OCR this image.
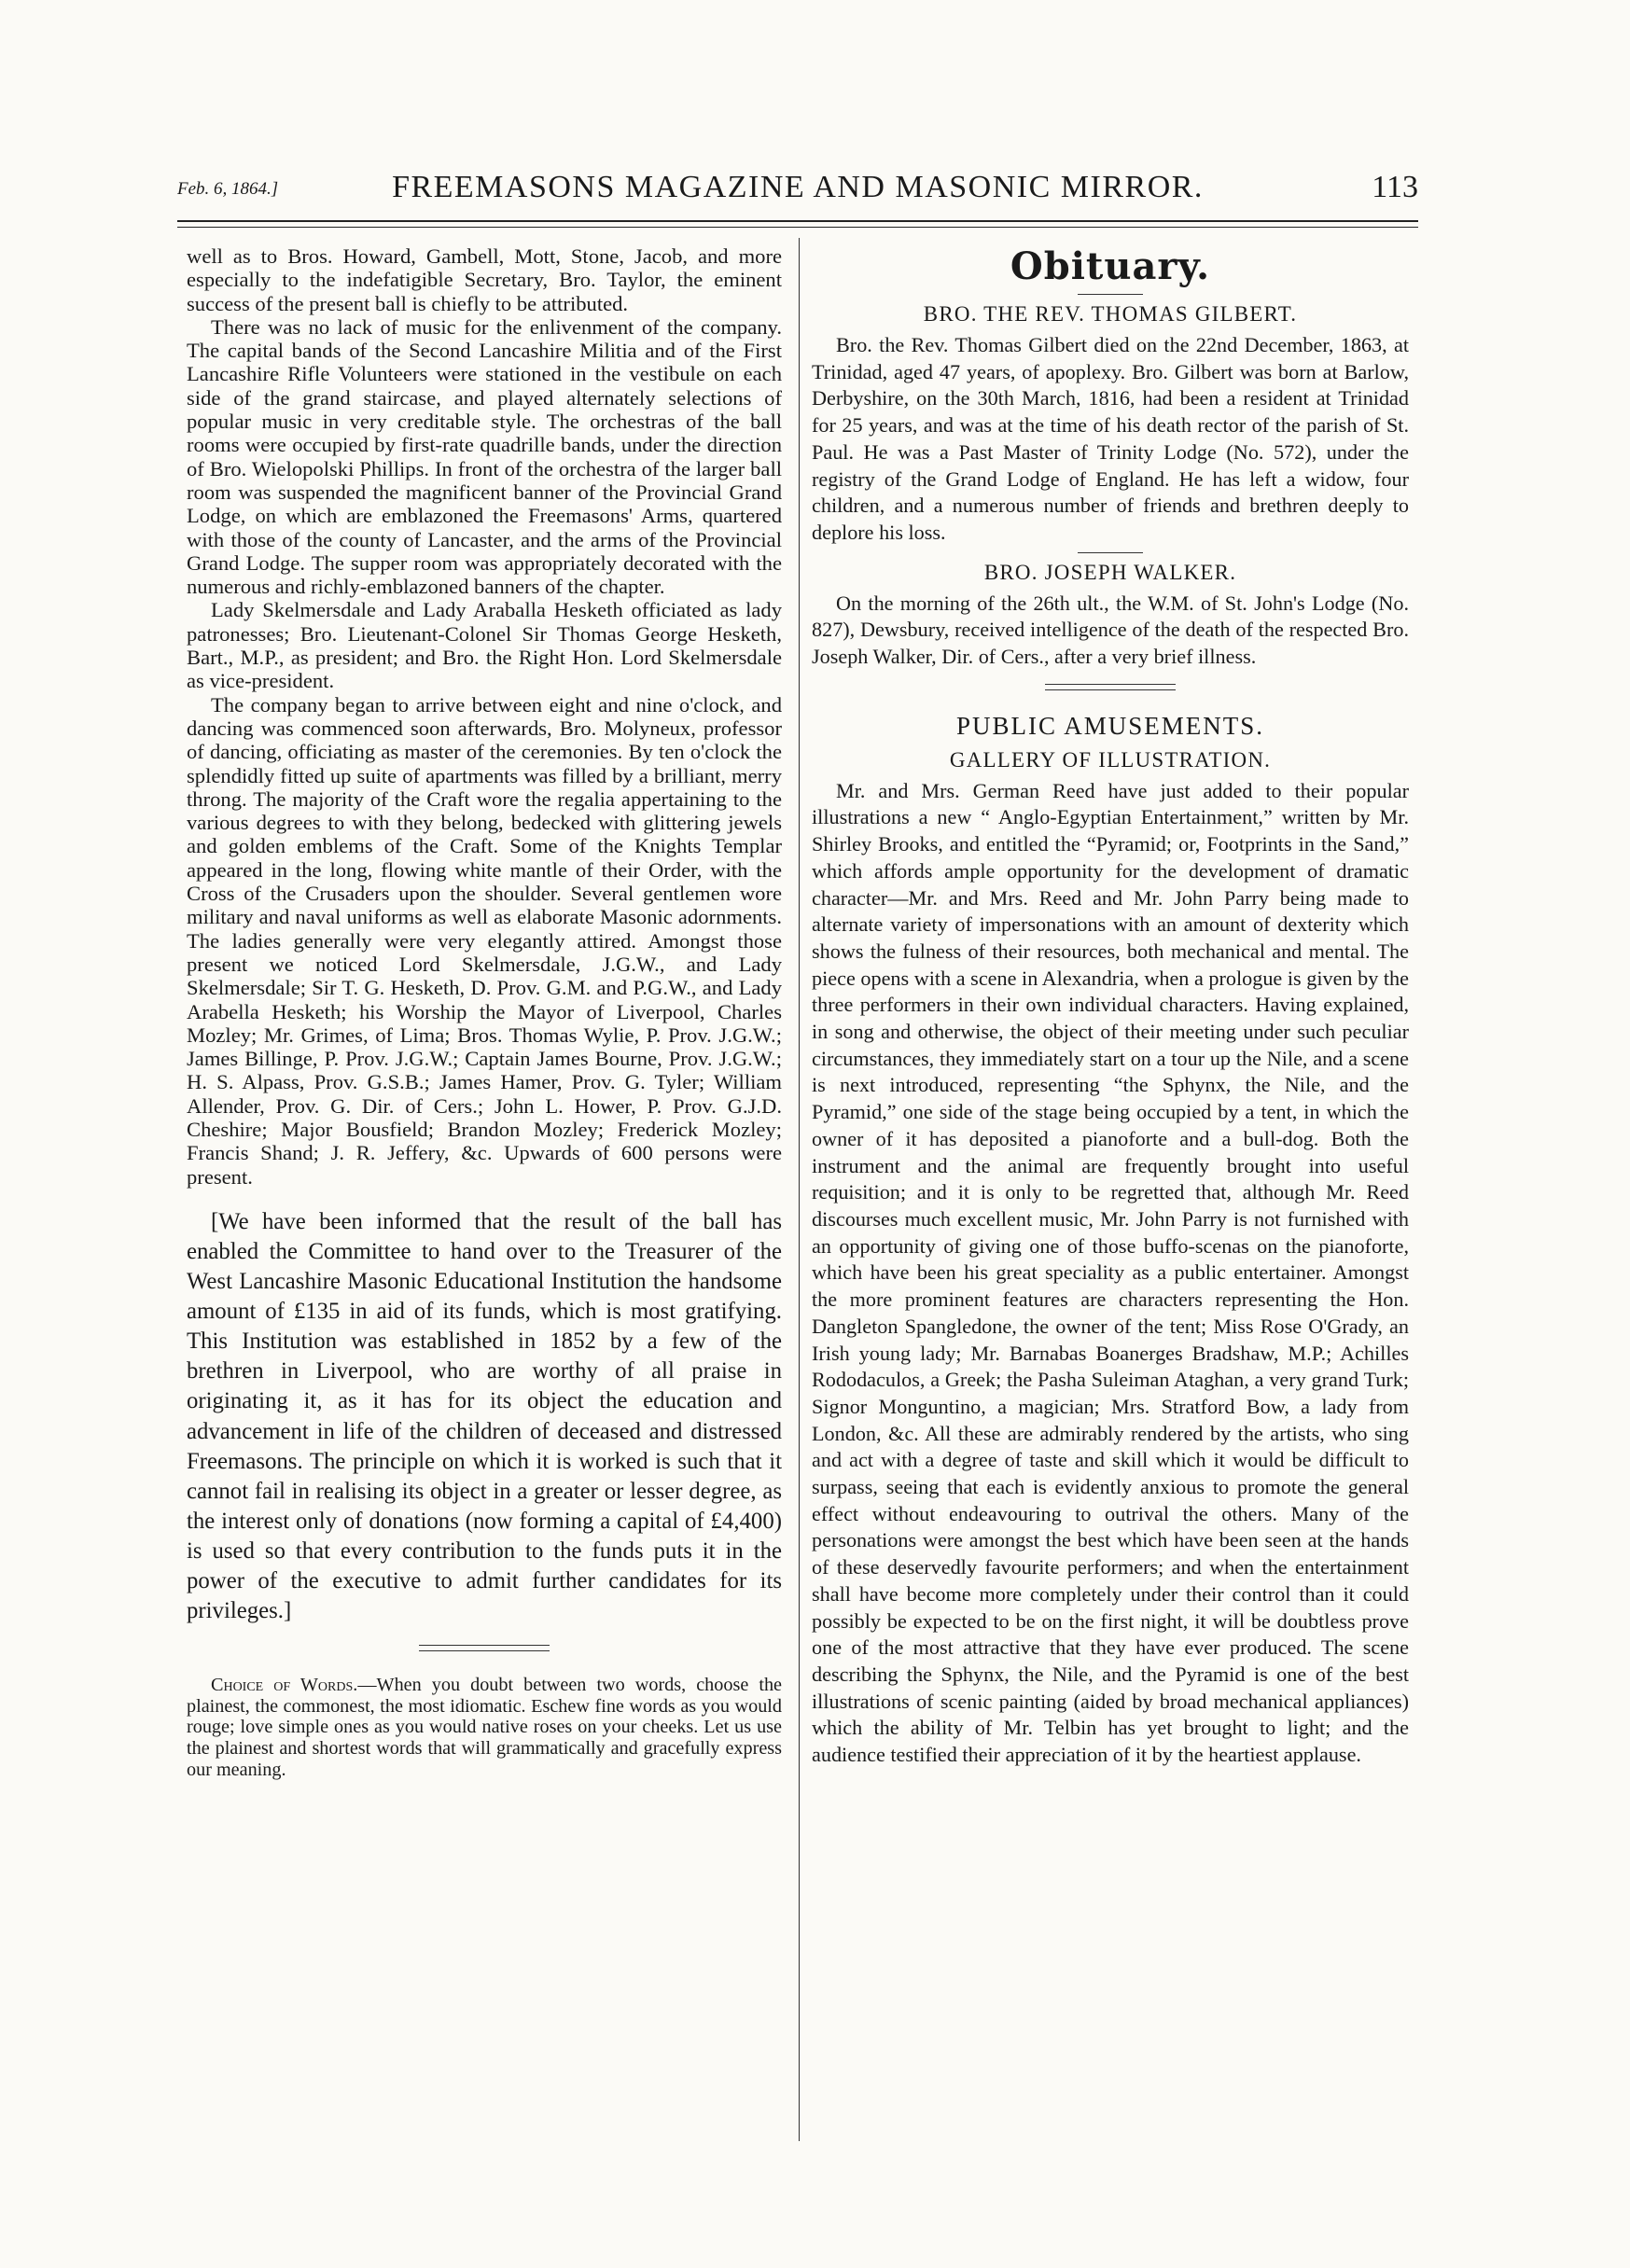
Feb. 6, 1864.]	FREEMASONS MAGAZINE AND MASONIC MIRROR.	113

well as to Bros. Howard, Gambell, Mott, Stone, Jacob, and more especially to the indefatigible Secretary, Bro. Taylor, the eminent success of the present ball is chiefly to be attributed.

There was no lack of music for the enlivenment of the company. The capital bands of the Second Lancashire Militia and of the First Lancashire Rifle Volunteers were stationed in the vestibule on each side of the grand staircase, and played alternately selections of popular music in very creditable style. The orchestras of the ball rooms were occupied by first-rate quadrille bands, under the direction of Bro. Wielopolski Phillips. In front of the orchestra of the larger ball room was suspended the magnificent banner of the Provincial Grand Lodge, on which are emblazoned the Freemasons' Arms, quartered with those of the county of Lancaster, and the arms of the Provincial Grand Lodge. The supper room was appropriately decorated with the numerous and richly-emblazoned banners of the chapter.

Lady Skelmersdale and Lady Araballa Hesketh officiated as lady patronesses; Bro. Lieutenant-Colonel Sir Thomas George Hesketh, Bart., M.P., as president; and Bro. the Right Hon. Lord Skelmersdale as vice-president.

The company began to arrive between eight and nine o'clock, and dancing was commenced soon afterwards, Bro. Molyneux, professor of dancing, officiating as master of the ceremonies. By ten o'clock the splendidly fitted up suite of apartments was filled by a brilliant, merry throng. The majority of the Craft wore the regalia appertaining to the various degrees to with they belong, bedecked with glittering jewels and golden emblems of the Craft. Some of the Knights Templar appeared in the long, flowing white mantle of their Order, with the Cross of the Crusaders upon the shoulder. Several gentlemen wore military and naval uniforms as well as elaborate Masonic adornments. The ladies generally were very elegantly attired. Amongst those present we noticed Lord Skelmersdale, J.G.W., and Lady Skelmersdale; Sir T. G. Hesketh, D. Prov. G.M. and P.G.W., and Lady Arabella Hesketh; his Worship the Mayor of Liverpool, Charles Mozley; Mr. Grimes, of Lima; Bros. Thomas Wylie, P. Prov. J.G.W.; James Billinge, P. Prov. J.G.W.; Captain James Bourne, Prov. J.G.W.; H. S. Alpass, Prov. G.S.B.; James Hamer, Prov. G. Tyler; William Allender, Prov. G. Dir. of Cers.; John L. Hower, P. Prov. G.J.D. Cheshire; Major Bousfield; Brandon Mozley; Frederick Mozley; Francis Shand; J. R. Jeffery, &c. Upwards of 600 persons were present.

[We have been informed that the result of the ball has enabled the Committee to hand over to the Treasurer of the West Lancashire Masonic Educational Institution the handsome amount of £135 in aid of its funds, which is most gratifying. This Institution was established in 1852 by a few of the brethren in Liverpool, who are worthy of all praise in originating it, as it has for its object the education and advancement in life of the children of deceased and distressed Freemasons. The principle on which it is worked is such that it cannot fail in realising its object in a greater or lesser degree, as the interest only of donations (now forming a capital of £4,400) is used so that every contribution to the funds puts it in the power of the executive to admit further candidates for its privileges.]

Choice of Words.—When you doubt between two words, choose the plainest, the commonest, the most idiomatic. Eschew fine words as you would rouge; love simple ones as you would native roses on your cheeks. Let us use the plainest and shortest words that will grammatically and gracefully express our meaning.

Obituary.
BRO. THE REV. THOMAS GILBERT.

Bro. the Rev. Thomas Gilbert died on the 22nd December, 1863, at Trinidad, aged 47 years, of apoplexy. Bro. Gilbert was born at Barlow, Derbyshire, on the 30th March, 1816, had been a resident at Trinidad for 25 years, and was at the time of his death rector of the parish of St. Paul. He was a Past Master of Trinity Lodge (No. 572), under the registry of the Grand Lodge of England. He has left a widow, four children, and a numerous number of friends and brethren deeply to deplore his loss.

BRO. JOSEPH WALKER.

On the morning of the 26th ult., the W.M. of St. John's Lodge (No. 827), Dewsbury, received intelligence of the death of the respected Bro. Joseph Walker, Dir. of Cers., after a very brief illness.

PUBLIC AMUSEMENTS.
GALLERY OF ILLUSTRATION.

Mr. and Mrs. German Reed have just added to their popular illustrations a new “ Anglo-Egyptian Entertainment,” written by Mr. Shirley Brooks, and entitled the “Pyramid; or, Footprints in the Sand,” which affords ample opportunity for the development of dramatic character—Mr. and Mrs. Reed and Mr. John Parry being made to alternate variety of impersonations with an amount of dexterity which shows the fulness of their resources, both mechanical and mental. The piece opens with a scene in Alexandria, when a prologue is given by the three performers in their own individual characters. Having explained, in song and otherwise, the object of their meeting under such peculiar circumstances, they immediately start on a tour up the Nile, and a scene is next introduced, representing “the Sphynx, the Nile, and the Pyramid,” one side of the stage being occupied by a tent, in which the owner of it has deposited a pianoforte and a bull-dog. Both the instrument and the animal are frequently brought into useful requisition; and it is only to be regretted that, although Mr. Reed discourses much excellent music, Mr. John Parry is not furnished with an opportunity of giving one of those buffo-scenas on the pianoforte, which have been his great speciality as a public entertainer. Amongst the more prominent features are characters representing the Hon. Dangleton Spangledone, the owner of the tent; Miss Rose O'Grady, an Irish young lady; Mr. Barnabas Boanerges Bradshaw, M.P.; Achilles Rododaculos, a Greek; the Pasha Suleiman Ataghan, a very grand Turk; Signor Monguntino, a magician; Mrs. Stratford Bow, a lady from London, &c. All these are admirably rendered by the artists, who sing and act with a degree of taste and skill which it would be difficult to surpass, seeing that each is evidently anxious to promote the general effect without endeavouring to outrival the others. Many of the personations were amongst the best which have been seen at the hands of these deservedly favourite performers; and when the entertainment shall have become more completely under their control than it could possibly be expected to be on the first night, it will be doubtless prove one of the most attractive that they have ever produced. The scene describing the Sphynx, the Nile, and the Pyramid is one of the best illustrations of scenic painting (aided by broad mechanical appliances) which the ability of Mr. Telbin has yet brought to light; and the audience testified their appreciation of it by the heartiest applause.
